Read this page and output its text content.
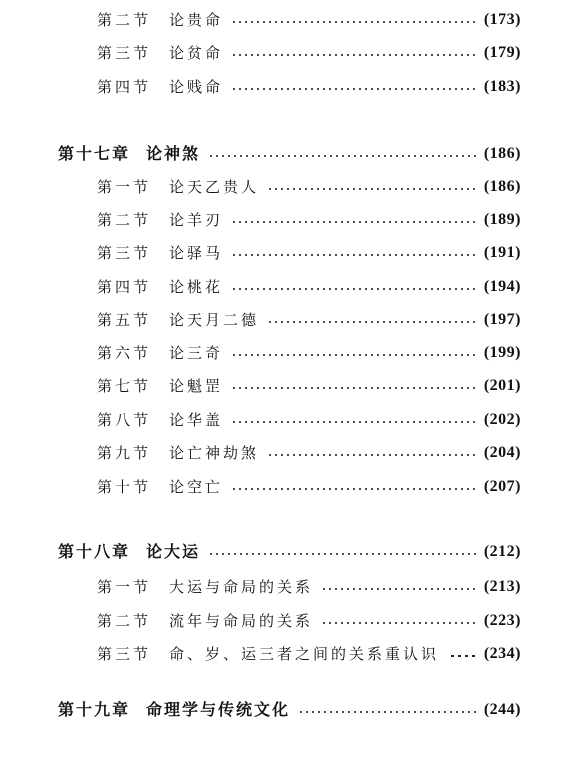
第二节 论贵命	(173)
第三节 论贫命	(179)
第四节 论贱命	(183)
第十七章 论神煞	(186)
第一节 论天乙贵人	(186)
第二节 论羊刃	(189)
第三节 论驿马	(191)
第四节 论桃花	(194)
第五节 论天月二德	(197)
第六节 论三奇	(199)
第七节 论魁罡	(201)
第八节 论华盖	(202)
第九节 论亡神劫煞	(204)
第十节 论空亡	(207)
第十八章 论大运	(212)
第一节 大运与命局的关系	(213)
第二节 流年与命局的关系	(223)
第三节 命、岁、运三者之间的关系重认识	(234)
第十九章 命理学与传统文化	(244)
